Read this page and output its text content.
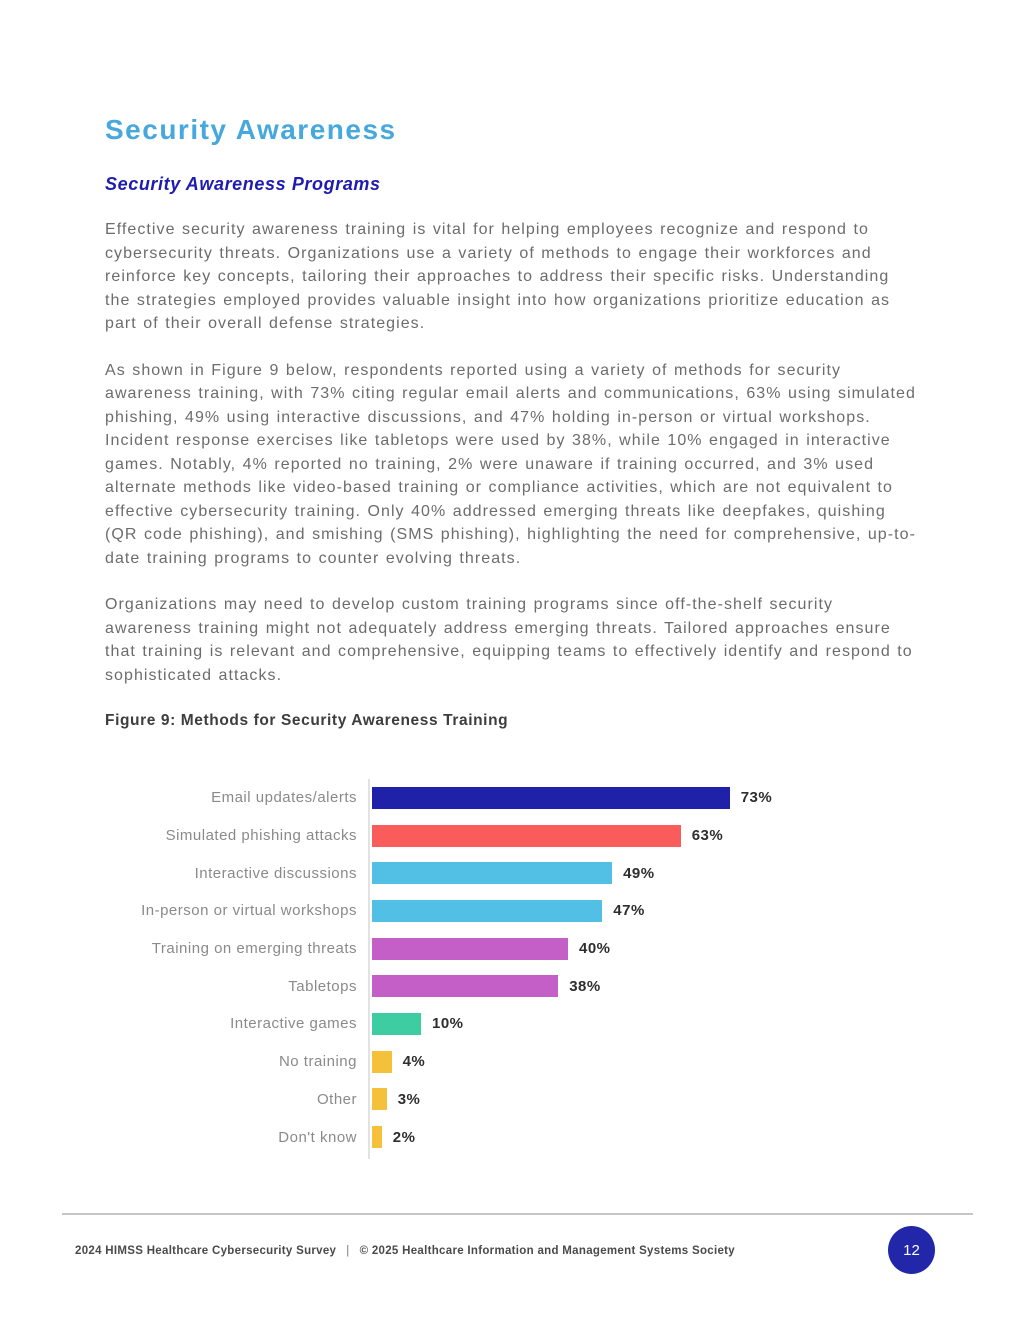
Security Awareness
Security Awareness Programs

Effective security awareness training is vital for helping employees recognize and respond to cybersecurity threats. Organizations use a variety of methods to engage their workforces and reinforce key concepts, tailoring their approaches to address their specific risks. Understanding the strategies employed provides valuable insight into how organizations prioritize education as part of their overall defense strategies.

As shown in Figure 9 below, respondents reported using a variety of methods for security awareness training, with 73% citing regular email alerts and communications, 63% using simulated phishing, 49% using interactive discussions, and 47% holding in-person or virtual workshops. Incident response exercises like tabletops were used by 38%, while 10% engaged in interactive games. Notably, 4% reported no training, 2% were unaware if training occurred, and 3% used alternate methods like video-based training or compliance activities, which are not equivalent to effective cybersecurity training. Only 40% addressed emerging threats like deepfakes, quishing (QR code phishing), and smishing (SMS phishing), highlighting the need for comprehensive, up-to-date training programs to counter evolving threats.

Organizations may need to develop custom training programs since off-the-shelf security awareness training might not adequately address emerging threats. Tailored approaches ensure that training is relevant and comprehensive, equipping teams to effectively identify and respond to sophisticated attacks.

Figure 9: Methods for Security Awareness Training

Email updates/alerts	73%
Simulated phishing attacks	63%
Interactive discussions	49%
In-person or virtual workshops	47%
Training on emerging threats	40%
Tabletops	38%
Interactive games	10%
No training	4%
Other	3%
Don't know 2%
2024 HIMSS Healthcare Cybersecurity Survey | © 2025 Healthcare Information and Management Systems Society	12
